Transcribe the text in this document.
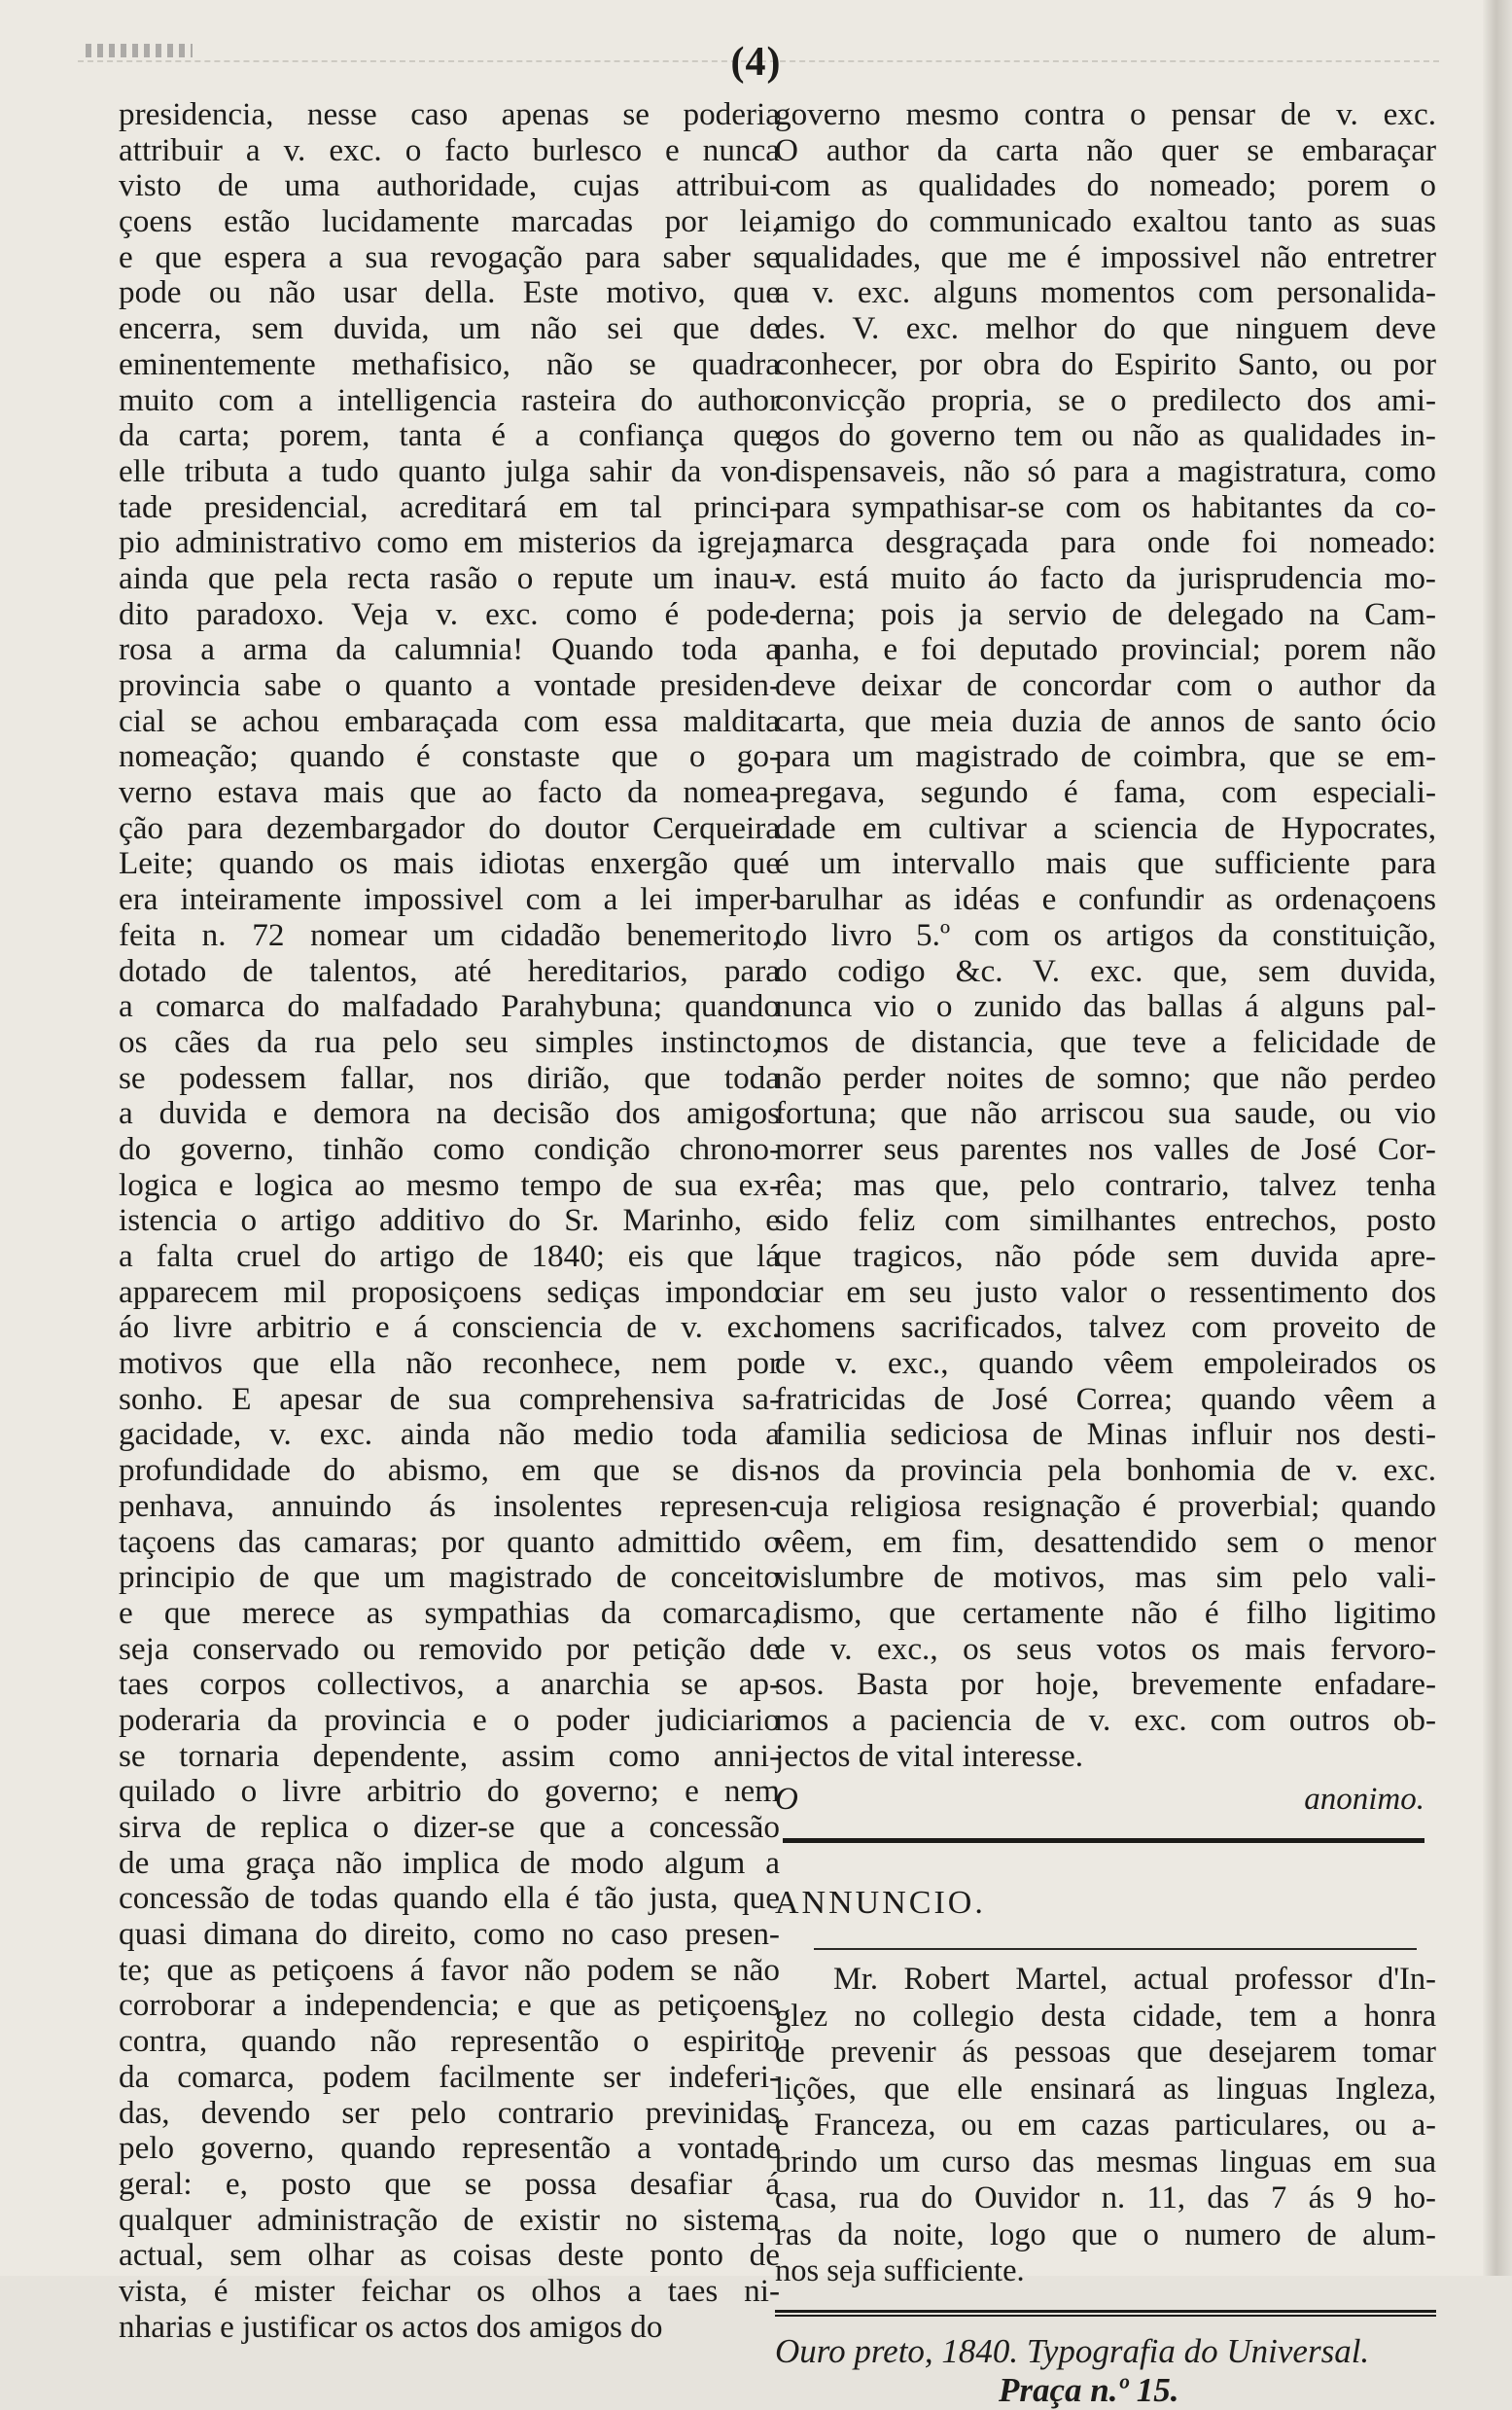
(4)
presidencia, nesse caso apenas se poderia
attribuir a v. exc. o facto burlesco e nunca
visto de uma authoridade, cujas attribui-
çoens estão lucidamente marcadas por lei,
e que espera a sua revogação para saber se
pode ou não usar della. Este motivo, que
encerra, sem duvida, um não sei que de
eminentemente methafisico, não se quadra
muito com a intelligencia rasteira do author
da carta; porem, tanta é a confiança que
elle tributa a tudo quanto julga sahir da von-
tade presidencial, acreditará em tal princi-
pio administrativo como em misterios da igreja;
ainda que pela recta rasão o repute um inau-
dito paradoxo. Veja v. exc. como é pode-
rosa a arma da calumnia! Quando toda a
provincia sabe o quanto a vontade presiden-
cial se achou embaraçada com essa maldita
nomeação; quando é constaste que o go-
verno estava mais que ao facto da nomea-
ção para dezembargador do doutor Cerqueira
Leite; quando os mais idiotas enxergão que
era inteiramente impossivel com a lei imper-
feita n. 72 nomear um cidadão benemerito,
dotado de talentos, até hereditarios, para
a comarca do malfadado Parahybuna; quando
os cães da rua pelo seu simples instincto,
se podessem fallar, nos dirião, que toda
a duvida e demora na decisão dos amigos
do governo, tinhão como condição chrono-
logica e logica ao mesmo tempo de sua ex-
istencia o artigo additivo do Sr. Marinho, e
a falta cruel do artigo de 1840; eis que lá
apparecem mil proposiçoens sediças impondo
áo livre arbitrio e á consciencia de v. exc.
motivos que ella não reconhece, nem por
sonho. E apesar de sua comprehensiva sa-
gacidade, v. exc. ainda não medio toda a
profundidade do abismo, em que se dis-
penhava, annuindo ás insolentes represen-
taçoens das camaras; por quanto admittido o
principio de que um magistrado de conceito
e que merece as sympathias da comarca,
seja conservado ou removido por petição de
taes corpos collectivos, a anarchia se ap-
poderaria da provincia e o poder judiciario
se tornaria dependente, assim como anni-
quilado o livre arbitrio do governo; e nem
sirva de replica o dizer-se que a concessão
de uma graça não implica de modo algum a
concessão de todas quando ella é tão justa, que
quasi dimana do direito, como no caso presen-
te; que as petiçoens á favor não podem se não
corroborar a independencia; e que as petiçoens
contra, quando não representão o espirito
da comarca, podem facilmente ser indeferi-
das, devendo ser pelo contrario previnidas
pelo governo, quando representão a vontade
geral: e, posto que se possa desafiar á
qualquer administração de existir no sistema
actual, sem olhar as coisas deste ponto de
vista, é mister feichar os olhos a taes ni-
nharias e justificar os actos dos amigos do
governo mesmo contra o pensar de v. exc.
O author da carta não quer se embaraçar
com as qualidades do nomeado; porem o
amigo do communicado exaltou tanto as suas
qualidades, que me é impossivel não entretrer
a v. exc. alguns momentos com personalida-
des. V. exc. melhor do que ninguem deve
conhecer, por obra do Espirito Santo, ou por
convicção propria, se o predilecto dos ami-
gos do governo tem ou não as qualidades in-
dispensaveis, não só para a magistratura, como
para sympathisar-se com os habitantes da co-
marca desgraçada para onde foi nomeado:
v. está muito áo facto da jurisprudencia mo-
derna; pois ja servio de delegado na Cam-
panha, e foi deputado provincial; porem não
deve deixar de concordar com o author da
carta, que meia duzia de annos de santo ócio
para um magistrado de coimbra, que se em-
pregava, segundo é fama, com especiali-
dade em cultivar a sciencia de Hypocrates,
é um intervallo mais que sufficiente para
barulhar as idéas e confundir as ordenaçoens
do livro 5.º com os artigos da constituição,
do codigo &c. V. exc. que, sem duvida,
nunca vio o zunido das ballas á alguns pal-
mos de distancia, que teve a felicidade de
não perder noites de somno; que não perdeo
fortuna; que não arriscou sua saude, ou vio
morrer seus parentes nos valles de José Cor-
rêa; mas que, pelo contrario, talvez tenha
sido feliz com similhantes entrechos, posto
que tragicos, não póde sem duvida apre-
ciar em seu justo valor o ressentimento dos
homens sacrificados, talvez com proveito de
de v. exc., quando vêem empoleirados os
fratricidas de José Correa; quando vêem a
familia sediciosa de Minas influir nos desti-
nos da provincia pela bonhomia de v. exc.
cuja religiosa resignação é proverbial; quando
vêem, em fim, desattendido sem o menor
vislumbre de motivos, mas sim pelo vali-
dismo, que certamente não é filho ligitimo
de v. exc., os seus votos os mais fervoro-
sos. Basta por hoje, brevemente enfadare-
mos a paciencia de v. exc. com outros ob-
jectos de vital interesse.
O anonimo.
ANNUNCIO.
Mr. Robert Martel, actual professor d'In-
glez no collegio desta cidade, tem a honra
de prevenir ás pessoas que desejarem tomar
lições, que elle ensinará as linguas Ingleza,
e Franceza, ou em cazas particulares, ou a-
brindo um curso das mesmas linguas em sua
casa, rua do Ouvidor n. 11, das 7 ás 9 ho-
ras da noite, logo que o numero de alum-
nos seja sufficiente.
Ouro preto, 1840. Typografia do Universal.
Praça n.º 15.
